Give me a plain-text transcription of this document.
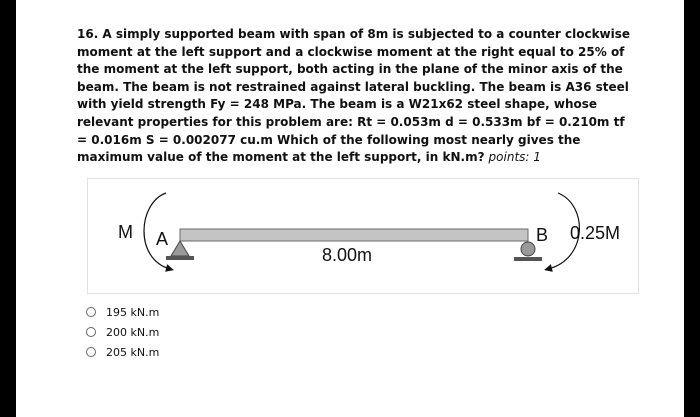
16. A simply supported beam with span of 8m is subjected to a counter clockwise moment at the left support and a clockwise moment at the right equal to 25% of the moment at the left support, both acting in the plane of the minor axis of the beam. The beam is not restrained against lateral buckling. The beam is A36 steel with yield strength Fy = 248 MPa. The beam is a W21x62 steel shape, whose relevant properties for this problem are: Rt = 0.053m d = 0.533m bf = 0.210m tf = 0.016m S = 0.002077 cu.m Which of the following most nearly gives the maximum value of the moment at the left support, in kN.m? points: 1

M A
8.00m
B 0.25M
195 kN.m
200 kN.m
205 kN.m
